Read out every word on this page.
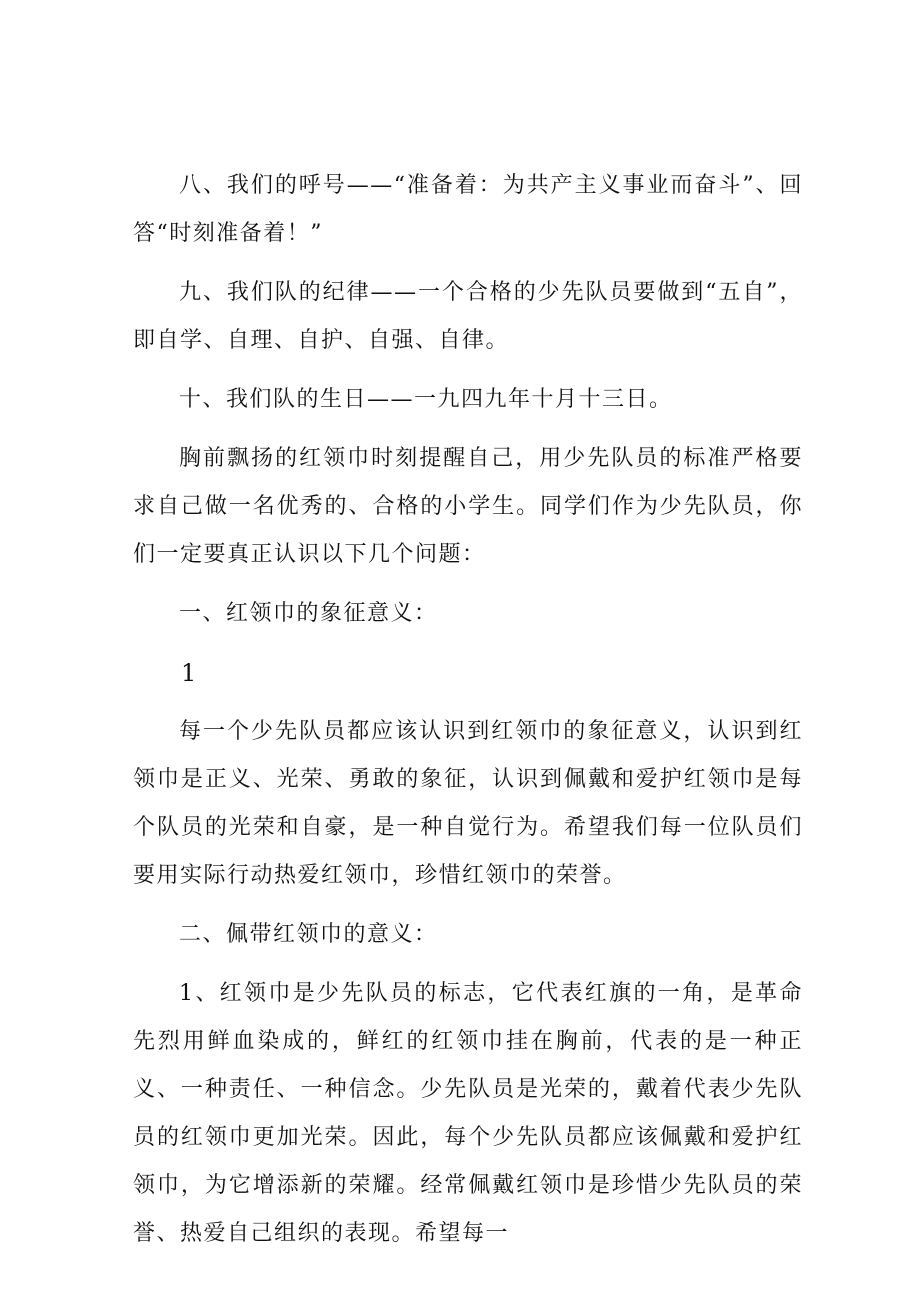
八、我们的呼号——“准备着：为共产主义事业而奋斗”、回答“时刻准备着！”

九、我们队的纪律——一个合格的少先队员要做到“五自”，即自学、自理、自护、自强、自律。

十、我们队的生日——一九四九年十月十三日。

胸前飘扬的红领巾时刻提醒自己，用少先队员的标准严格要求自己做一名优秀的、合格的小学生。同学们作为少先队员，你们一定要真正认识以下几个问题：

一、红领巾的象征意义：

1

每一个少先队员都应该认识到红领巾的象征意义，认识到红领巾是正义、光荣、勇敢的象征，认识到佩戴和爱护红领巾是每个队员的光荣和自豪，是一种自觉行为。希望我们每一位队员们要用实际行动热爱红领巾，珍惜红领巾的荣誉。

二、佩带红领巾的意义：

1、红领巾是少先队员的标志，它代表红旗的一角，是革命先烈用鲜血染成的，鲜红的红领巾挂在胸前，代表的是一种正义、一种责任、一种信念。少先队员是光荣的，戴着代表少先队员的红领巾更加光荣。因此，每个少先队员都应该佩戴和爱护红领巾，为它增添新的荣耀。经常佩戴红领巾是珍惜少先队员的荣誉、热爱自己组织的表现。希望每一
